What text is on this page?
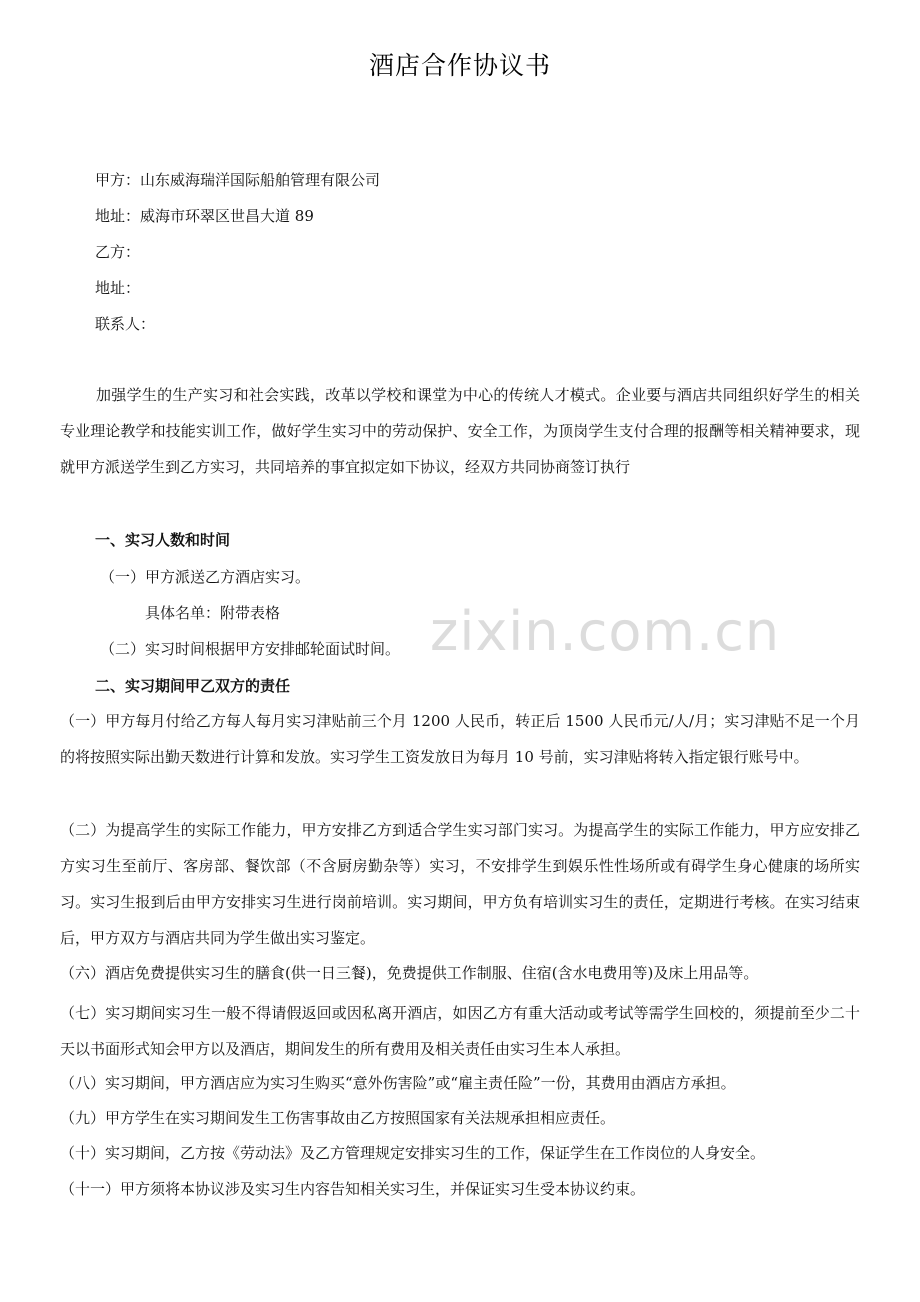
zixin.com.cn
酒店合作协议书
甲方：山东威海瑞洋国际船舶管理有限公司
地址：威海市环翠区世昌大道 89
乙方：
地址：
联系人：
加强学生的生产实习和社会实践，改革以学校和课堂为中心的传统人才模式。企业要与酒店共同组织好学生的相关专业理论教学和技能实训工作，做好学生实习中的劳动保护、安全工作，为顶岗学生支付合理的报酬等相关精神要求，现就甲方派送学生到乙方实习，共同培养的事宜拟定如下协议，经双方共同协商签订执行
一、实习人数和时间
（一）甲方派送乙方酒店实习。
具体名单：附带表格
（二）实习时间根据甲方安排邮轮面试时间。
二、实习期间甲乙双方的责任
（一）甲方每月付给乙方每人每月实习津贴前三个月 1200 人民币，转正后 1500 人民币元/人/月；实习津贴不足一个月的将按照实际出勤天数进行计算和发放。实习学生工资发放日为每月 10 号前，实习津贴将转入指定银行账号中。
（二）为提高学生的实际工作能力，甲方安排乙方到适合学生实习部门实习。为提高学生的实际工作能力，甲方应安排乙方实习生至前厅、客房部、餐饮部（不含厨房勤杂等）实习，不安排学生到娱乐性性场所或有碍学生身心健康的场所实习。实习生报到后由甲方安排实习生进行岗前培训。实习期间，甲方负有培训实习生的责任，定期进行考核。在实习结束后，甲方双方与酒店共同为学生做出实习鉴定。
（六）酒店免费提供实习生的膳食(供一日三餐)，免费提供工作制服、住宿(含水电费用等)及床上用品等。
（七）实习期间实习生一般不得请假返回或因私离开酒店，如因乙方有重大活动或考试等需学生回校的，须提前至少二十天以书面形式知会甲方以及酒店，期间发生的所有费用及相关责任由实习生本人承担。
（八）实习期间，甲方酒店应为实习生购买“意外伤害险”或“雇主责任险”一份，其费用由酒店方承担。
（九）甲方学生在实习期间发生工伤害事故由乙方按照国家有关法规承担相应责任。
（十）实习期间，乙方按《劳动法》及乙方管理规定安排实习生的工作，保证学生在工作岗位的人身安全。
（十一）甲方须将本协议涉及实习生内容告知相关实习生，并保证实习生受本协议约束。
